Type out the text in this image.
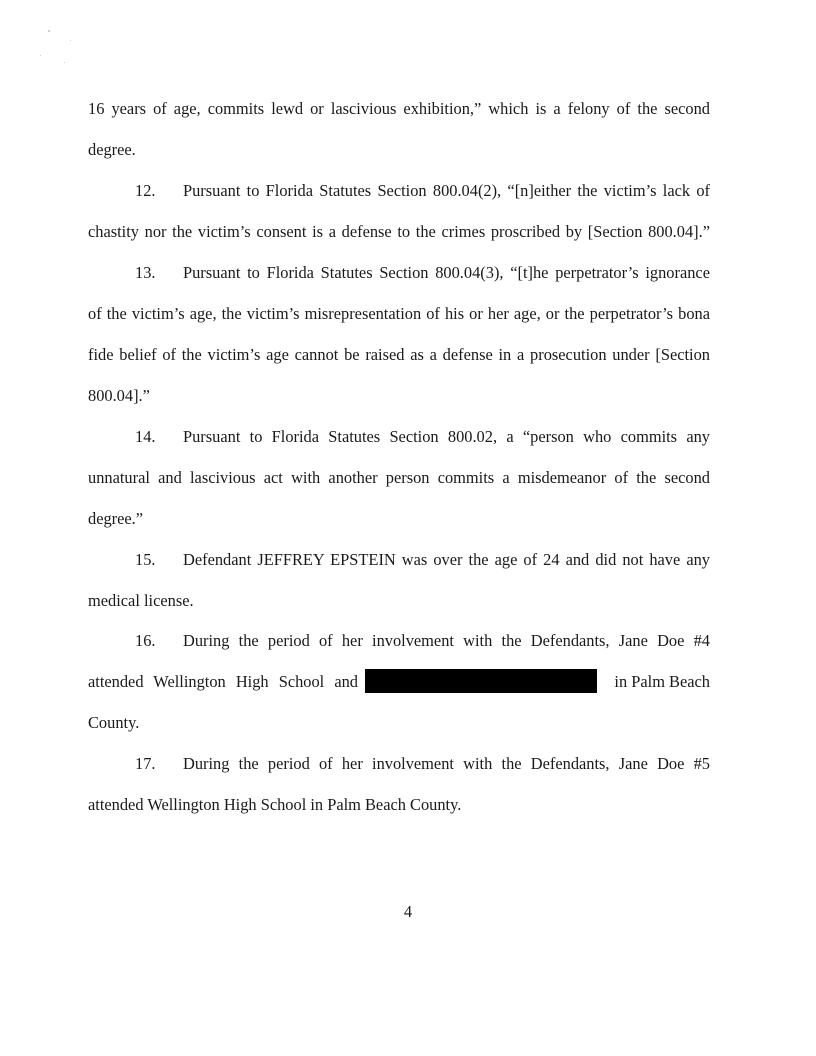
16 years of age, commits lewd or lascivious exhibition,” which is a felony of the second
degree.
12. Pursuant to Florida Statutes Section 800.04(2), “[n]either the victim’s lack of
chastity nor the victim’s consent is a defense to the crimes proscribed by [Section 800.04].”
13. Pursuant to Florida Statutes Section 800.04(3), “[t]he perpetrator’s ignorance
of the victim’s age, the victim’s misrepresentation of his or her age, or the perpetrator’s bona
fide belief of the victim’s age cannot be raised as a defense in a prosecution under [Section
800.04].”
14. Pursuant to Florida Statutes Section 800.02, a “person who commits any
unnatural and lascivious act with another person commits a misdemeanor of the second
degree.”
15. Defendant JEFFREY EPSTEIN was over the age of 24 and did not have any
medical license.
16. During the period of her involvement with the Defendants, Jane Doe #4
attended Wellington High School and	in Palm Beach
County.
17. During the period of her involvement with the Defendants, Jane Doe #5
attended Wellington High School in Palm Beach County.
4
